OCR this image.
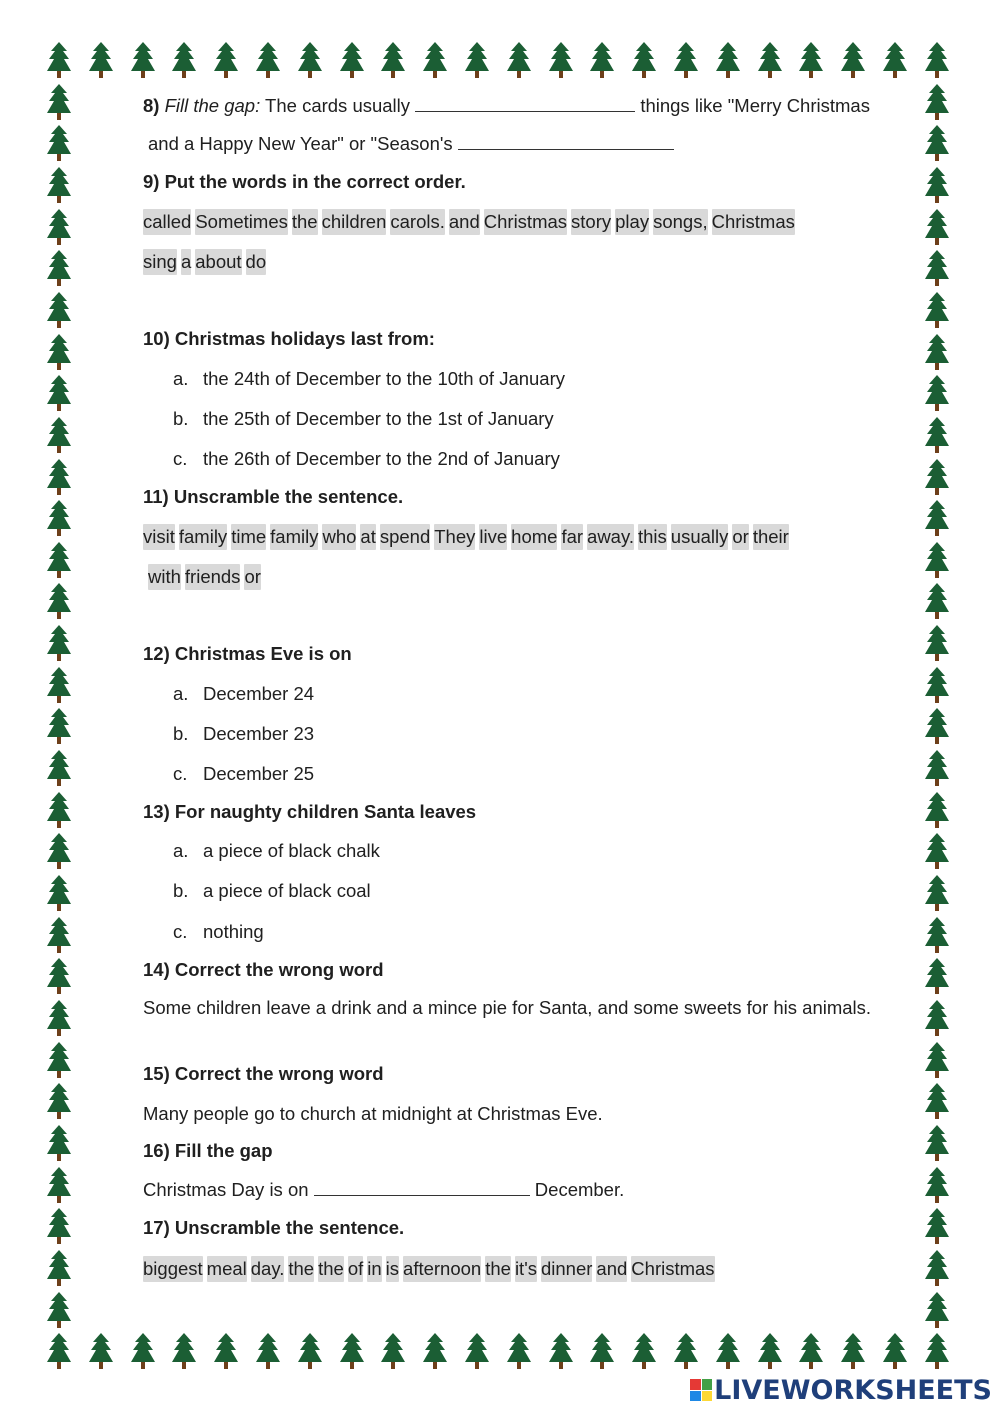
8) Fill the gap: The cards usually	things like "Merry Christmas
and a Happy New Year" or "Season's
9) Put the words in the correct order.
called Sometimes the children carols. and Christmas story play songs, Christmas
sing a about do
10) Christmas holidays last from:
a. the 24th of December to the 10th of January
b. the 25th of December to the 1st of January
c. the 26th of December to the 2nd of January
11) Unscramble the sentence.
visit family time family who at spend They live home far away. this usually or their
with friends or
12) Christmas Eve is on
a. December 24
b. December 23
c. December 25
13) For naughty children Santa leaves
a. a piece of black chalk
b. a piece of black coal
c. nothing
14) Correct the wrong word
Some children leave a drink and a mince pie for Santa, and some sweets for his animals.
15) Correct the wrong word
Many people go to church at midnight at Christmas Eve.
16) Fill the gap
Christmas Day is on	December.
17) Unscramble the sentence.
biggest meal day. the the of in is afternoon the it's dinner and Christmas
LIVEWORKSHEETS
